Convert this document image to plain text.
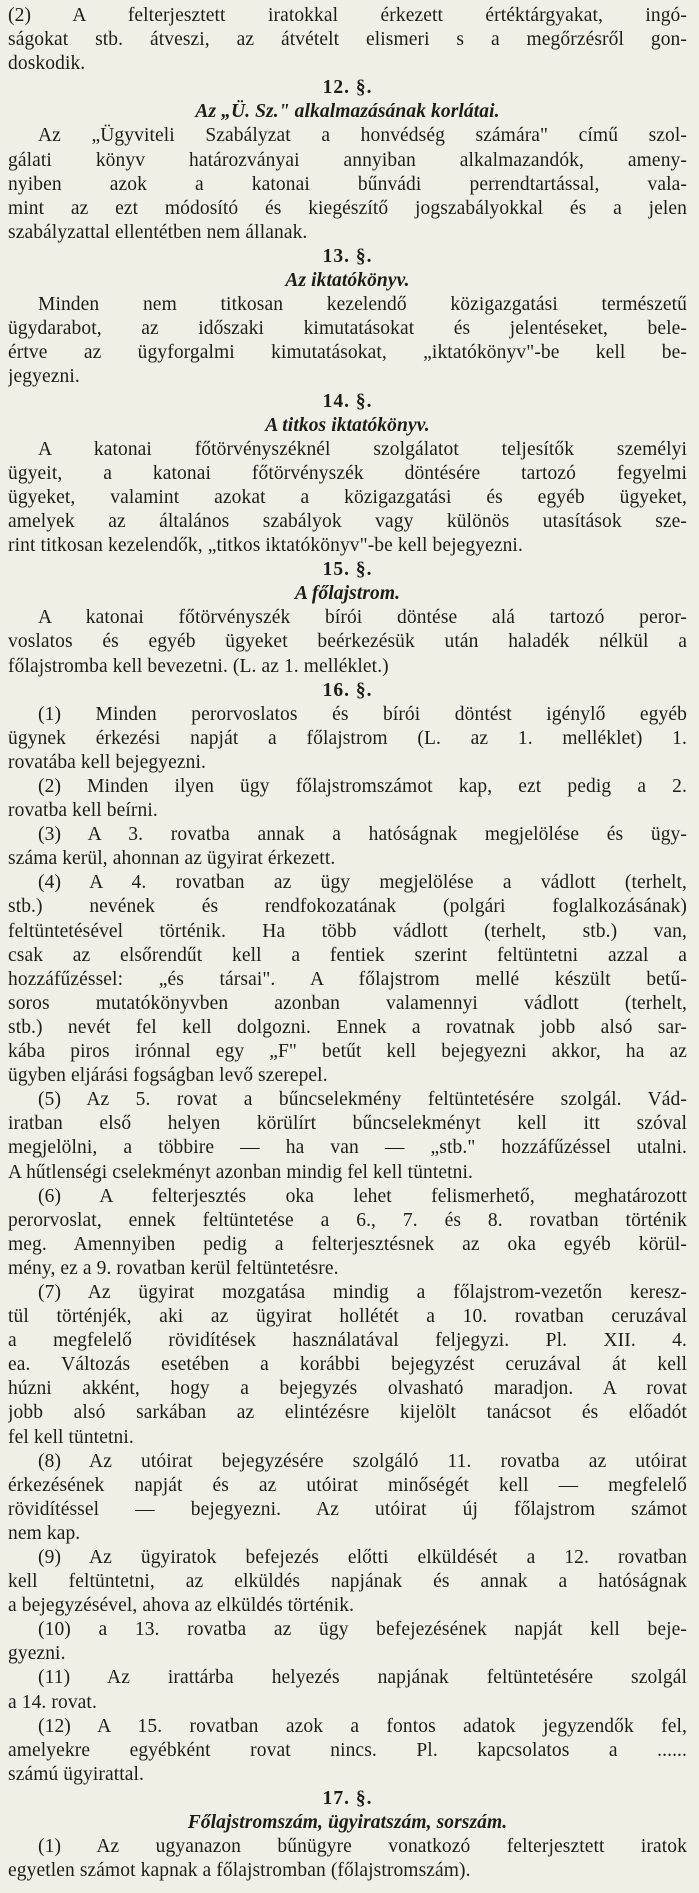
(2) A felterjesztett iratokkal érkezett értéktárgyakat, ingó-
ságokat stb. átveszi, az átvételt elismeri s a megőrzésről gon-
doskodik.
12. §.
Az „Ü. Sz." alkalmazásának korlátai.
Az „Ügyviteli Szabályzat a honvédség számára" című szol-
gálati könyv határozványai annyiban alkalmazandók, ameny-
nyiben azok a katonai bűnvádi perrendtartással, vala-
mint az ezt módosító és kiegészítő jogszabályokkal és a jelen
szabályzattal ellentétben nem állanak.
13. §.
Az iktatókönyv.
Minden nem titkosan kezelendő közigazgatási természetű
ügydarabot, az időszaki kimutatásokat és jelentéseket, bele-
értve az ügyforgalmi kimutatásokat, „iktatókönyv"-be kell be-
jegyezni.
14. §.
A titkos iktatókönyv.
A katonai főtörvényszéknél szolgálatot teljesítők személyi
ügyeit, a katonai főtörvényszék döntésére tartozó fegyelmi
ügyeket, valamint azokat a közigazgatási és egyéb ügyeket,
amelyek az általános szabályok vagy különös utasítások sze-
rint titkosan kezelendők, „titkos iktatókönyv"-be kell bejegyezni.
15. §.
A főlajstrom.
A katonai főtörvényszék bírói döntése alá tartozó peror-
voslatos és egyéb ügyeket beérkezésük után haladék nélkül a
főlajstromba kell bevezetni. (L. az 1. melléklet.)
16. §.
(1) Minden perorvoslatos és bírói döntést igénylő egyéb
ügynek érkezési napját a főlajstrom (L. az 1. melléklet) 1.
rovatába kell bejegyezni.
(2) Minden ilyen ügy főlajstromszámot kap, ezt pedig a 2.
rovatba kell beírni.
(3) A 3. rovatba annak a hatóságnak megjelölése és ügy-
száma kerül, ahonnan az ügyirat érkezett.
(4) A 4. rovatban az ügy megjelölése a vádlott (terhelt,
stb.) nevének és rendfokozatának (polgári foglalkozásának)
feltüntetésével történik. Ha több vádlott (terhelt, stb.) van,
csak az elsőrendűt kell a fentiek szerint feltüntetni azzal a
hozzáfűzéssel: „és társai". A főlajstrom mellé készült betű-
soros mutatókönyvben azonban valamennyi vádlott (terhelt,
stb.) nevét fel kell dolgozni. Ennek a rovatnak jobb alsó sar-
kába piros irónnal egy „F" betűt kell bejegyezni akkor, ha az
ügyben eljárási fogságban levő szerepel.
(5) Az 5. rovat a bűncselekmény feltüntetésére szolgál. Vád-
iratban első helyen körülírt bűncselekményt kell itt szóval
megjelölni, a többire — ha van — „stb." hozzáfűzéssel utalni.
A hűtlenségi cselekményt azonban mindig fel kell tüntetni.
(6) A felterjesztés oka lehet felismerhető, meghatározott
perorvoslat, ennek feltüntetése a 6., 7. és 8. rovatban történik
meg. Amennyiben pedig a felterjesztésnek az oka egyéb körül-
mény, ez a 9. rovatban kerül feltüntetésre.
(7) Az ügyirat mozgatása mindig a főlajstrom-vezetőn keresz-
tül történjék, aki az ügyirat hollétét a 10. rovatban ceruzával
a megfelelő rövidítések használatával feljegyzi. Pl. XII. 4.
ea. Változás esetében a korábbi bejegyzést ceruzával át kell
húzni akként, hogy a bejegyzés olvasható maradjon. A rovat
jobb alsó sarkában az elintézésre kijelölt tanácsot és előadót
fel kell tüntetni.
(8) Az utóirat bejegyzésére szolgáló 11. rovatba az utóirat
érkezésének napját és az utóirat minőségét kell — megfelelő
rövidítéssel — bejegyezni. Az utóirat új főlajstrom számot
nem kap.
(9) Az ügyiratok befejezés előtti elküldését a 12. rovatban
kell feltüntetni, az elküldés napjának és annak a hatóságnak
a bejegyzésével, ahova az elküldés történik.
(10) a 13. rovatba az ügy befejezésének napját kell beje-
gyezni.
(11) Az irattárba helyezés napjának feltüntetésére szolgál
a 14. rovat.
(12) A 15. rovatban azok a fontos adatok jegyzendők fel,
amelyekre egyébként rovat nincs. Pl. kapcsolatos a ......
számú ügyirattal.
17. §.
Főlajstromszám, ügyiratszám, sorszám.
(1) Az ugyanazon bűnügyre vonatkozó felterjesztett iratok
egyetlen számot kapnak a főlajstromban (főlajstromszám).
